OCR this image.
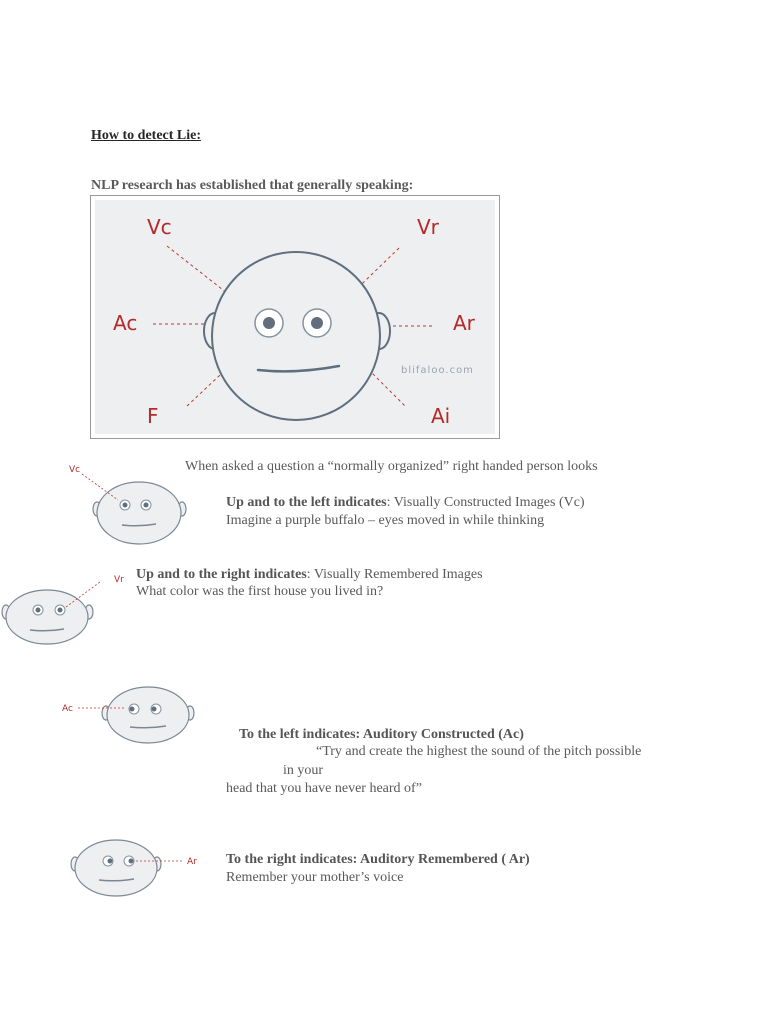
How to detect Lie:
NLP research has established that generally speaking:
Vc	Vr
Ac	Ar
F	Ai
blifaloo.com
When asked a question a “normally organized” right handed person looks
Vc
Up and to the left indicates: Visually Constructed Images (Vc)
Imagine a purple buffalo – eyes moved in while thinking
Vr Up and to the right indicates: Visually Remembered Images
What color was the first house you lived in?
Ac
To the left indicates: Auditory Constructed (Ac)
“Try and create the highest the sound of the pitch possible
in your
head that you have never heard of”
Ar To the right indicates: Auditory Remembered ( Ar)
Remember your mother’s voice
